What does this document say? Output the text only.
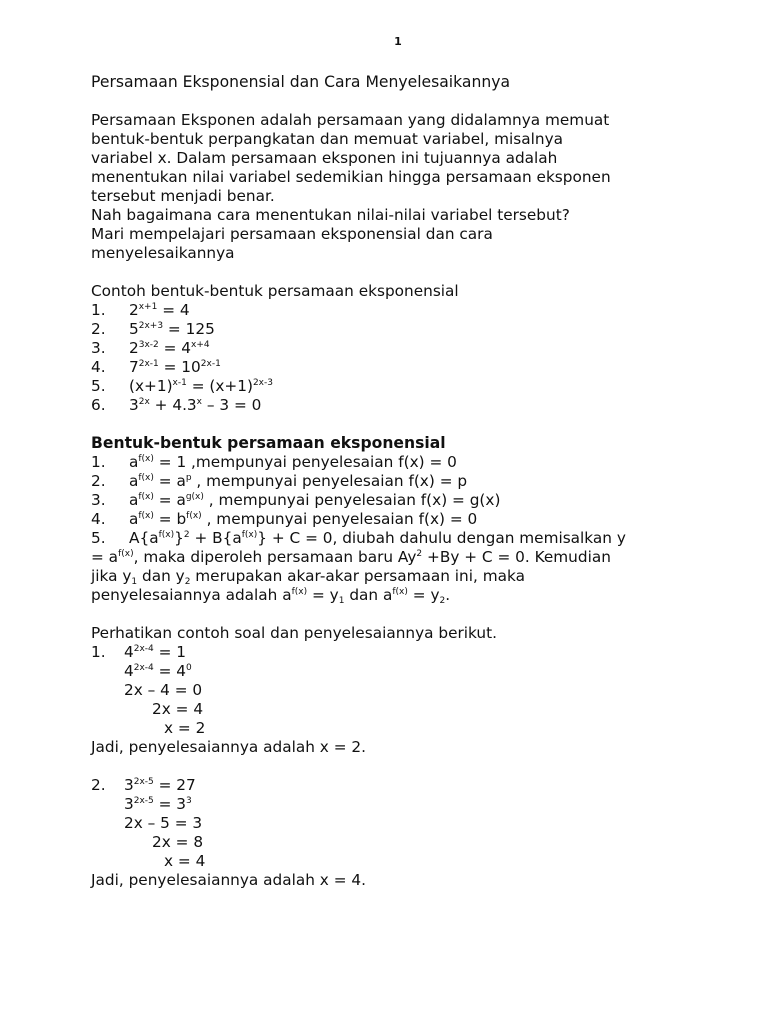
1
Persamaan Eksponensial dan Cara Menyelesaikannya
Persamaan Eksponen adalah persamaan yang didalamnya memuat
bentuk-bentuk perpangkatan dan memuat variabel, misalnya
variabel x. Dalam persamaan eksponen ini tujuannya adalah
menentukan nilai variabel sedemikian hingga persamaan eksponen
tersebut menjadi benar.
Nah bagaimana cara menentukan nilai-nilai variabel tersebut?
Mari mempelajari persamaan eksponensial dan cara
menyelesaikannya
Contoh bentuk-bentuk persamaan eksponensial
1. $2^{x+1} = 4$
2. $5^{2x+3} = 125$
3. $2^{3x-2} = 4^{x+4}$
4. $7^{2x-1} = 10^{2x-1}$
5. $(x+1)^{x-1} = (x+1)^{2x-3}$
6. $3^{2x} + 4.3^x - 3 = 0$
Bentuk-bentuk persamaan eksponensial
1. $a^{f(x)} = 1$ ,mempunyai penyelesaian f(x) = 0
2. $a^{f(x)} = a^p$ , mempunyai penyelesaian f(x) = p
3. $a^{f(x)} = a^{g(x)}$ , mempunyai penyelesaian f(x) = g(x)
4. $a^{f(x)} = b^{f(x)}$ , mempunyai penyelesaian f(x) = 0
5. $A\{a^{f(x)}\}^2 + B\{a^{f(x)}\} + C = 0$, diubah dahulu dengan memisalkan y
= $a^{f(x)}$, maka diperoleh persamaan baru $Ay^2 +By + C = 0$. Kemudian
jika $y_1$ dan $y_2$ merupakan akar-akar persamaan ini, maka
penyelesaiannya adalah $a^{f(x)} = y_1$ dan $a^{f(x)} = y_2$.
Perhatikan contoh soal dan penyelesaiannya berikut.
1. $4^{2x-4} = 1$
$4^{2x-4} = 4^0$
2x – 4 = 0
2x = 4
x = 2
Jadi, penyelesaiannya adalah x = 2.
2. $3^{2x-5} = 27$
$3^{2x-5} = 3^3$
2x – 5 = 3
2x = 8
x = 4
Jadi, penyelesaiannya adalah x = 4.
